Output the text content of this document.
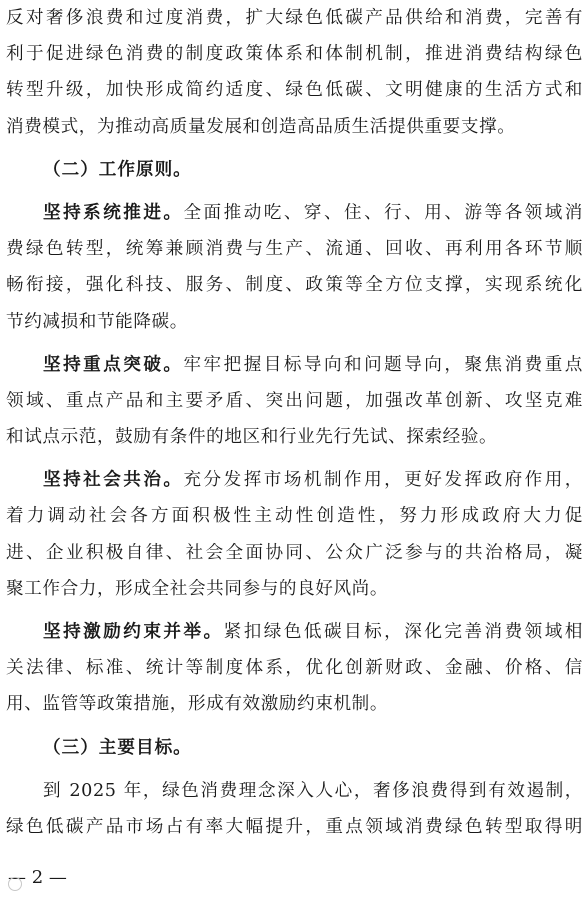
反对奢侈浪费和过度消费，扩大绿色低碳产品供给和消费，完善有
利于促进绿色消费的制度政策体系和体制机制，推进消费结构绿色
转型升级，加快形成简约适度、绿色低碳、文明健康的生活方式和
消费模式，为推动高质量发展和创造高品质生活提供重要支撑。
（二）工作原则。
坚持系统推进。全面推动吃、穿、住、行、用、游等各领域消
费绿色转型，统筹兼顾消费与生产、流通、回收、再利用各环节顺
畅衔接，强化科技、服务、制度、政策等全方位支撑，实现系统化
节约减损和节能降碳。
坚持重点突破。牢牢把握目标导向和问题导向，聚焦消费重点
领域、重点产品和主要矛盾、突出问题，加强改革创新、攻坚克难
和试点示范，鼓励有条件的地区和行业先行先试、探索经验。
坚持社会共治。充分发挥市场机制作用，更好发挥政府作用，
着力调动社会各方面积极性主动性创造性，努力形成政府大力促
进、企业积极自律、社会全面协同、公众广泛参与的共治格局，凝
聚工作合力，形成全社会共同参与的良好风尚。
坚持激励约束并举。紧扣绿色低碳目标，深化完善消费领域相
关法律、标准、统计等制度体系，优化创新财政、金融、价格、信
用、监管等政策措施，形成有效激励约束机制。
（三）主要目标。
到 2025 年，绿色消费理念深入人心，奢侈浪费得到有效遏制，
绿色低碳产品市场占有率大幅提升，重点领域消费绿色转型取得明
— 2 —
